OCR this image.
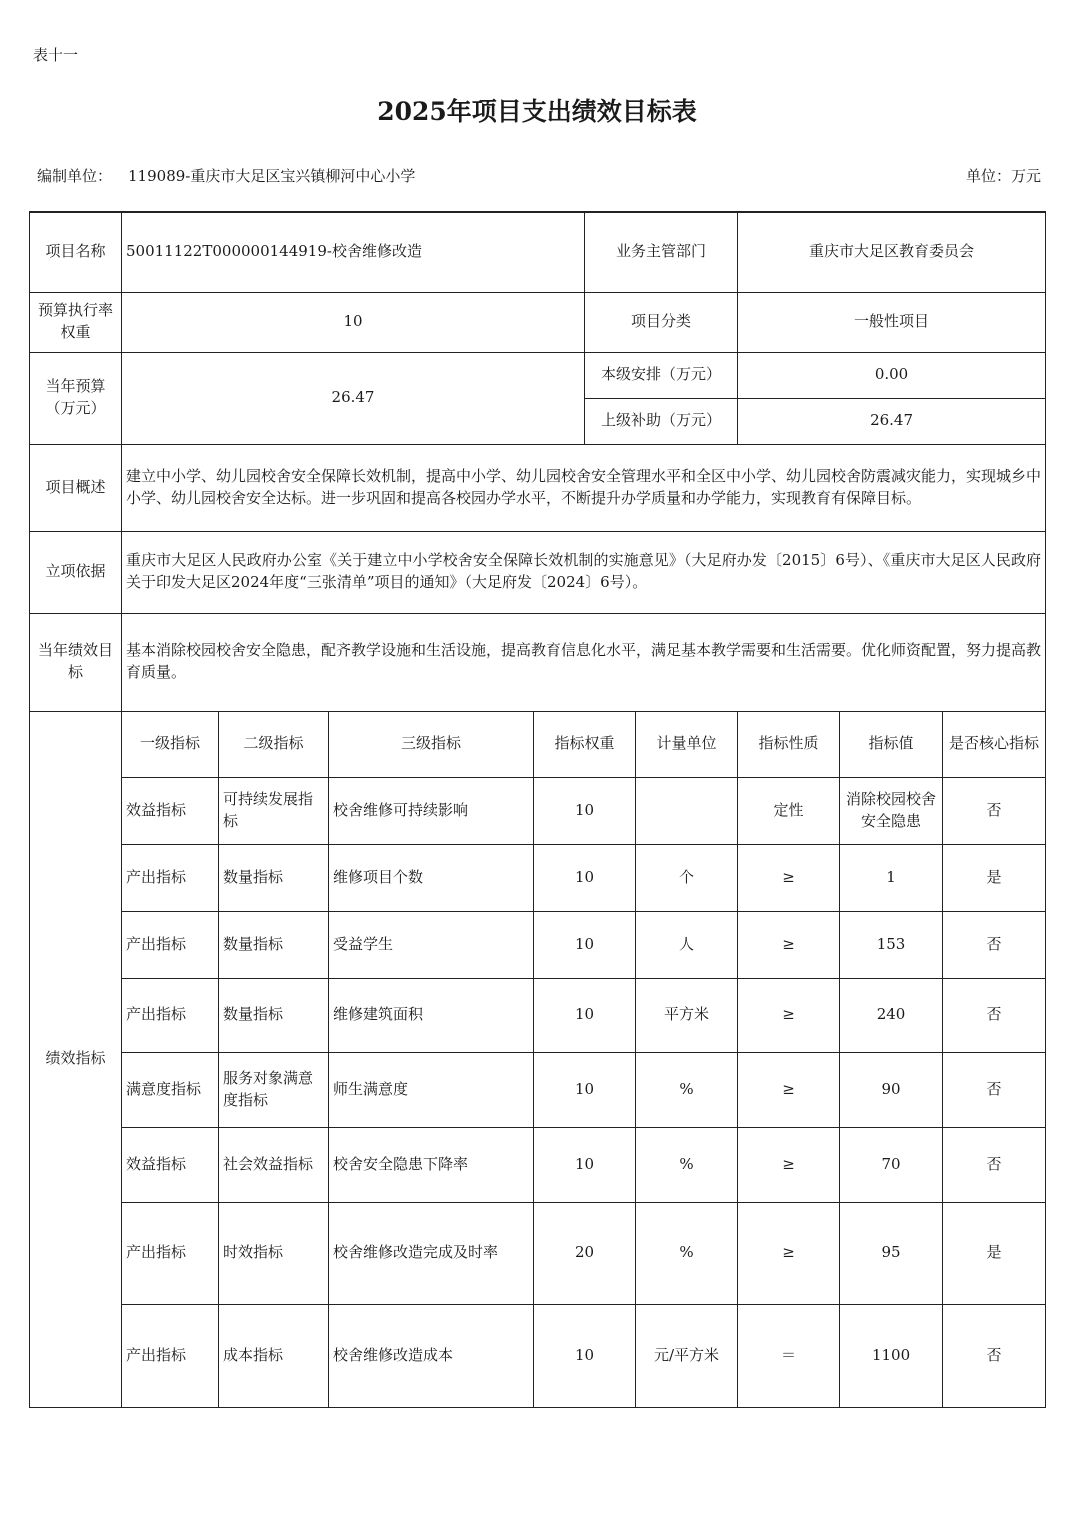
表十一
2025年项目支出绩效目标表
编制单位： 119089-重庆市大足区宝兴镇柳河中心小学	单位：万元
项目名称	50011122T000000144919-校舍维修改造				业务主管部门		重庆市大足区教育委员会		
预算执行率权重	10				项目分类		一般性项目		
当年预算（万元）	26.47				本级安排（万元）		0.00		
					上级补助（万元）		26.47		
项目概述	建立中小学、幼儿园校舍安全保障长效机制，提高中小学、幼儿园校舍安全管理水平和全区中小学、幼儿园校舍防震减灾能力，实现城乡中小学、幼儿园校舍安全达标。进一步巩固和提高各校园办学水平，不断提升办学质量和办学能力，实现教育有保障目标。								
立项依据	重庆市大足区人民政府办公室《关于建立中小学校舍安全保障长效机制的实施意见》（大足府办发〔2015〕6号）、《重庆市大足区人民政府关于印发大足区2024年度“三张清单”项目的通知》（大足府发〔2024〕6号）。								
当年绩效目标	基本消除校园校舍安全隐患，配齐教学设施和生活设施，提高教育信息化水平，满足基本教学需要和生活需要。优化师资配置，努力提高教育质量。								
绩效指标	一级指标	二级指标	三级指标	指标权重		计量单位	指标性质	指标值	是否核心指标
	效益指标	可持续发展指标	校舍维修可持续影响	10			定性	消除校园校舍安全隐患	否
	产出指标	数量指标	维修项目个数	10		个	≥	1	是
	产出指标	数量指标	受益学生	10		人	≥	153	否
	产出指标	数量指标	维修建筑面积	10		平方米	≥	240	否
	满意度指标	服务对象满意度指标	师生满意度	10		%	≥	90	否
	效益指标	社会效益指标	校舍安全隐患下降率	10		%	≥	70	否
	产出指标	时效指标	校舍维修改造完成及时率	20		%	≥	95	是
	产出指标	成本指标	校舍维修改造成本	10		元/平方米	＝	1100	否
